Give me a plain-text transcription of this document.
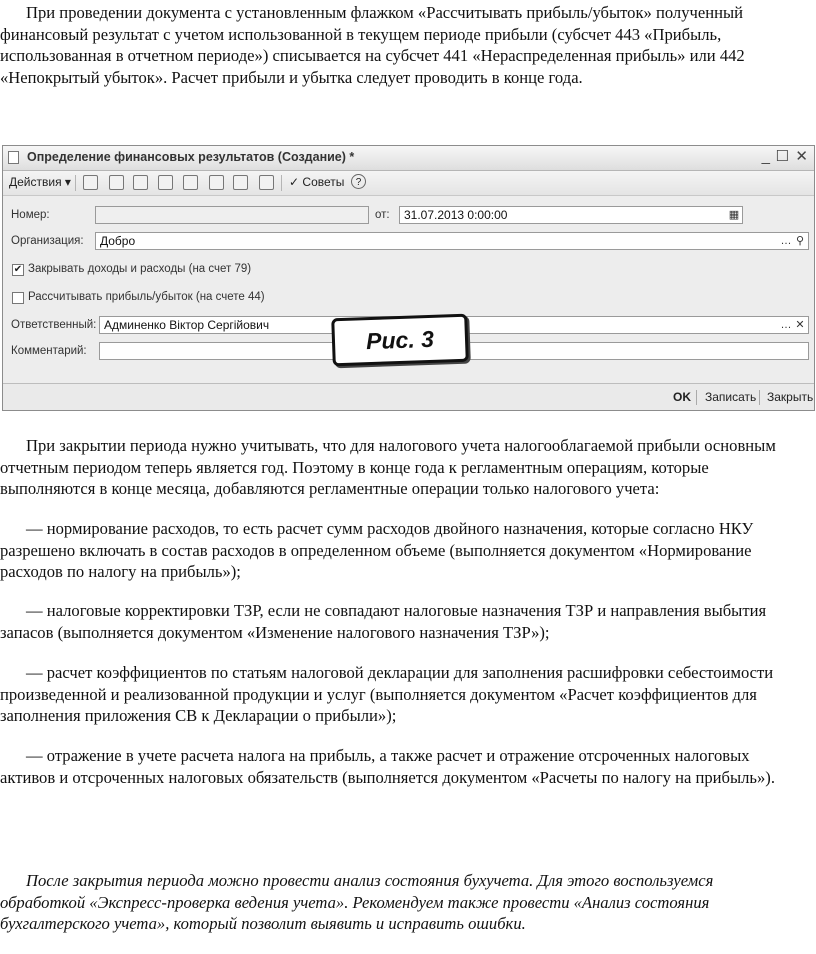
При проведении документа с установленным флажком «Рассчитывать прибыль/убыток» полученный финансовый результат с учетом использованной в текущем периоде прибыли (субсчет 443 «Прибыль, использованная в отчетном периоде») списывается на субсчет 441 «Нераспределенная прибыль» или 442 «Непокрытый убыток». Расчет прибыли и убытка следует проводить в конце года.

Определение финансовых результатов (Создание) *	_ ☐ ✕
Действия ▾	✓ Советы	?
Номер:	от:	31.07.2013 0:00:00	▦
Организация:	Добро	… ⚲
✔ Закрывать доходы и расходы (на счет 79)
Рассчитывать прибыль/убыток (на счете 44)
Ответственный: Админенко Віктор Сергійович	… ✕
Комментарий:
OK Записать Закрыть
Рис. 3

При закрытии периода нужно учитывать, что для налогового учета налогооблагаемой прибыли основным отчетным периодом теперь является год. Поэтому в конце года к регламентным операциям, которые выполняются в конце месяца, добавляются регламентные операции только налогового учета:

— нормирование расходов, то есть расчет сумм расходов двойного назначения, которые согласно НКУ разрешено включать в состав расходов в определенном объеме (выполняется документом «Нормирование расходов по налогу на прибыль»);

— налоговые корректировки ТЗР, если не совпадают налоговые назначения ТЗР и направления выбытия запасов (выполняется документом «Изменение налогового назначения ТЗР»);

— расчет коэффициентов по статьям налоговой декларации для заполнения расшифровки себестоимости произведенной и реализованной продукции и услуг (выполняется документом «Расчет коэффициентов для заполнения приложения СВ к Декларации о прибыли»);

— отражение в учете расчета налога на прибыль, а также расчет и отражение отсроченных налоговых активов и отсроченных налоговых обязательств (выполняется документом «Расчеты по налогу на прибыль»).

После закрытия периода можно провести анализ состояния бухучета. Для этого воспользуемся обработкой «Экспресс-проверка ведения учета». Рекомендуем также провести «Анализ состояния бухгалтерского учета», который позволит выявить и исправить ошибки.
